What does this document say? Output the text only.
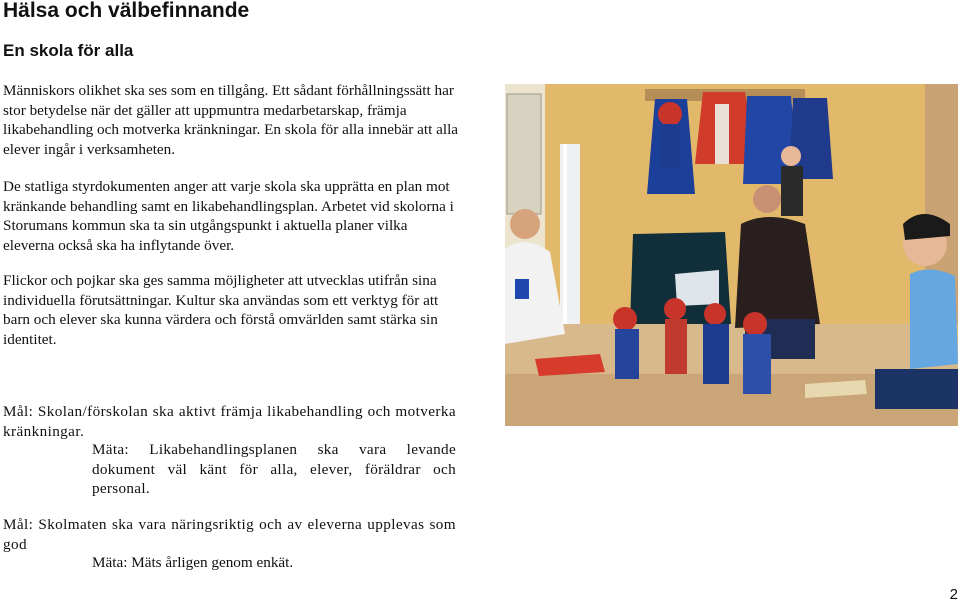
Hälsa och välbefinnande
En skola för alla

Människors olikhet ska ses som en tillgång. Ett sådant förhållningssätt har stor betydelse när det gäller att uppmuntra medarbetarskap, främja likabehandling och motverka kränkningar. En skola för alla innebär att alla elever ingår i verksamheten.

De statliga styrdokumenten anger att varje skola ska upprätta en plan mot kränkande behandling samt en likabehandlingsplan. Arbetet vid skolorna i Storumans kommun ska ta sin utgångspunkt i aktuella planer vilka eleverna också ska ha inflytande över.

Flickor och pojkar ska ges samma möjligheter att utvecklas utifrån sina individuella förutsättningar. Kultur ska användas som ett verktyg för att barn och elever ska kunna värdera och förstå omvärlden samt stärka sin identitet.

Mål: Skolan/förskolan ska aktivt främja likabehandling och motverka kränkningar.

Mäta: Likabehandlingsplanen ska vara levande dokument väl känt för alla, elever, föräldrar och personal.

Mål: Skolmaten ska vara näringsriktig och av eleverna upplevas som god

Mäta: Mäts årligen genom enkät.

2
